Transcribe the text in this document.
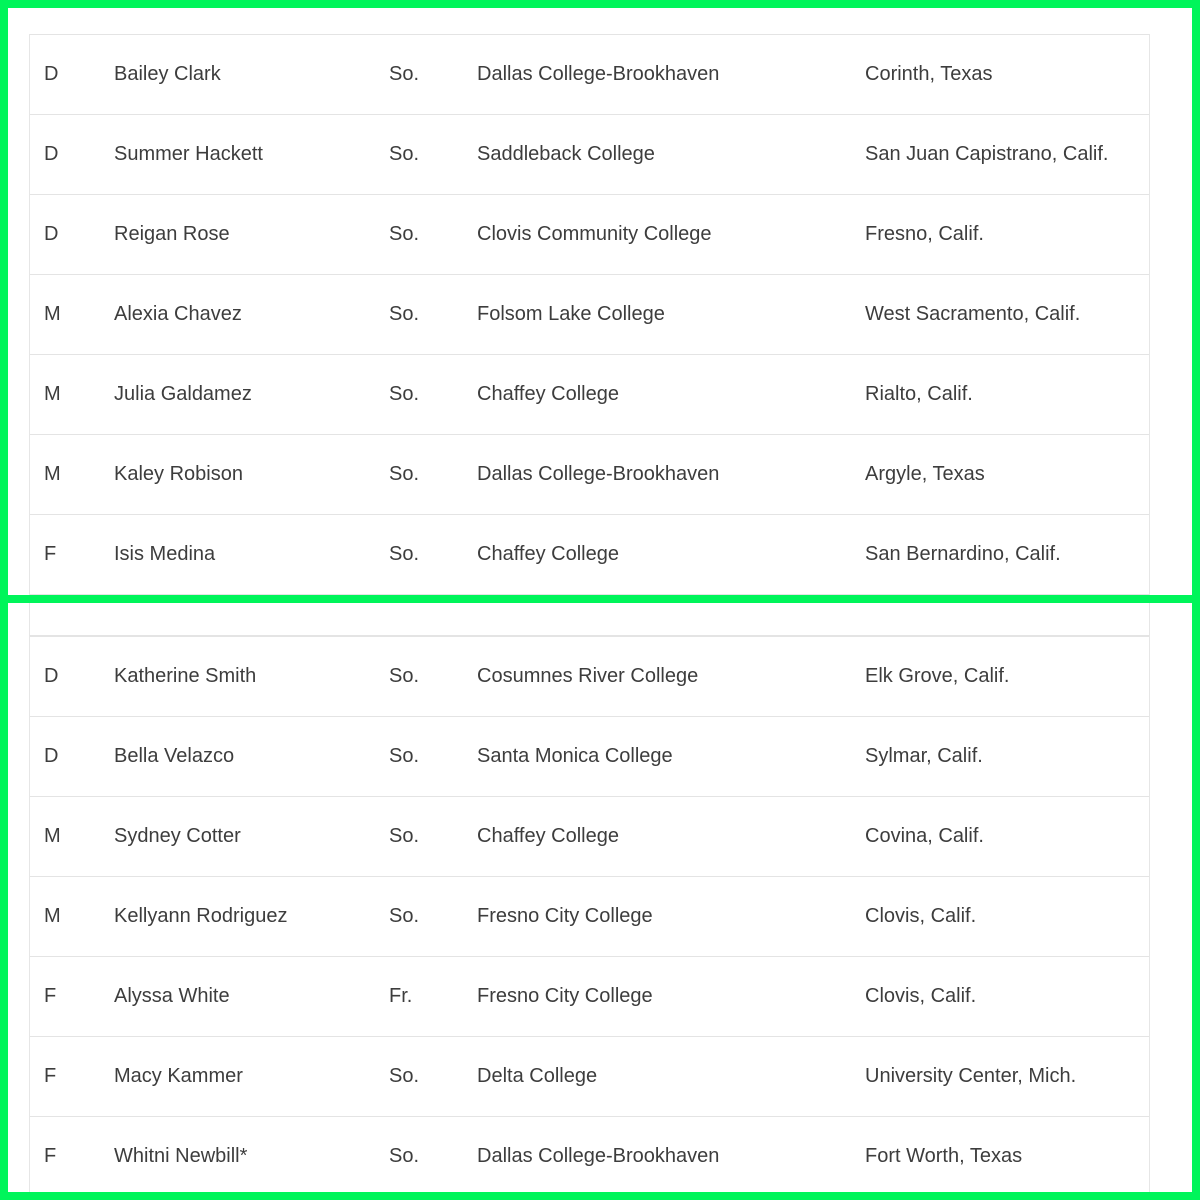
D	Bailey Clark	So.	Dallas College-Brookhaven	Corinth, Texas
D	Summer Hackett	So.	Saddleback College	San Juan Capistrano, Calif.
D	Reigan Rose	So.	Clovis Community College	Fresno, Calif.
M	Alexia Chavez	So.	Folsom Lake College	West Sacramento, Calif.
M	Julia Galdamez	So.	Chaffey College	Rialto, Calif.
M	Kaley Robison	So.	Dallas College-Brookhaven	Argyle, Texas
F	Isis Medina	So.	Chaffey College	San Bernardino, Calif.
D	Katherine Smith	So.	Cosumnes River College	Elk Grove, Calif.
D	Bella Velazco	So.	Santa Monica College	Sylmar, Calif.
M	Sydney Cotter	So.	Chaffey College	Covina, Calif.
M	Kellyann Rodriguez	So.	Fresno City College	Clovis, Calif.
F	Alyssa White	Fr.	Fresno City College	Clovis, Calif.
F	Macy Kammer	So.	Delta College	University Center, Mich.
F	Whitni Newbill*	So.	Dallas College-Brookhaven	Fort Worth, Texas
